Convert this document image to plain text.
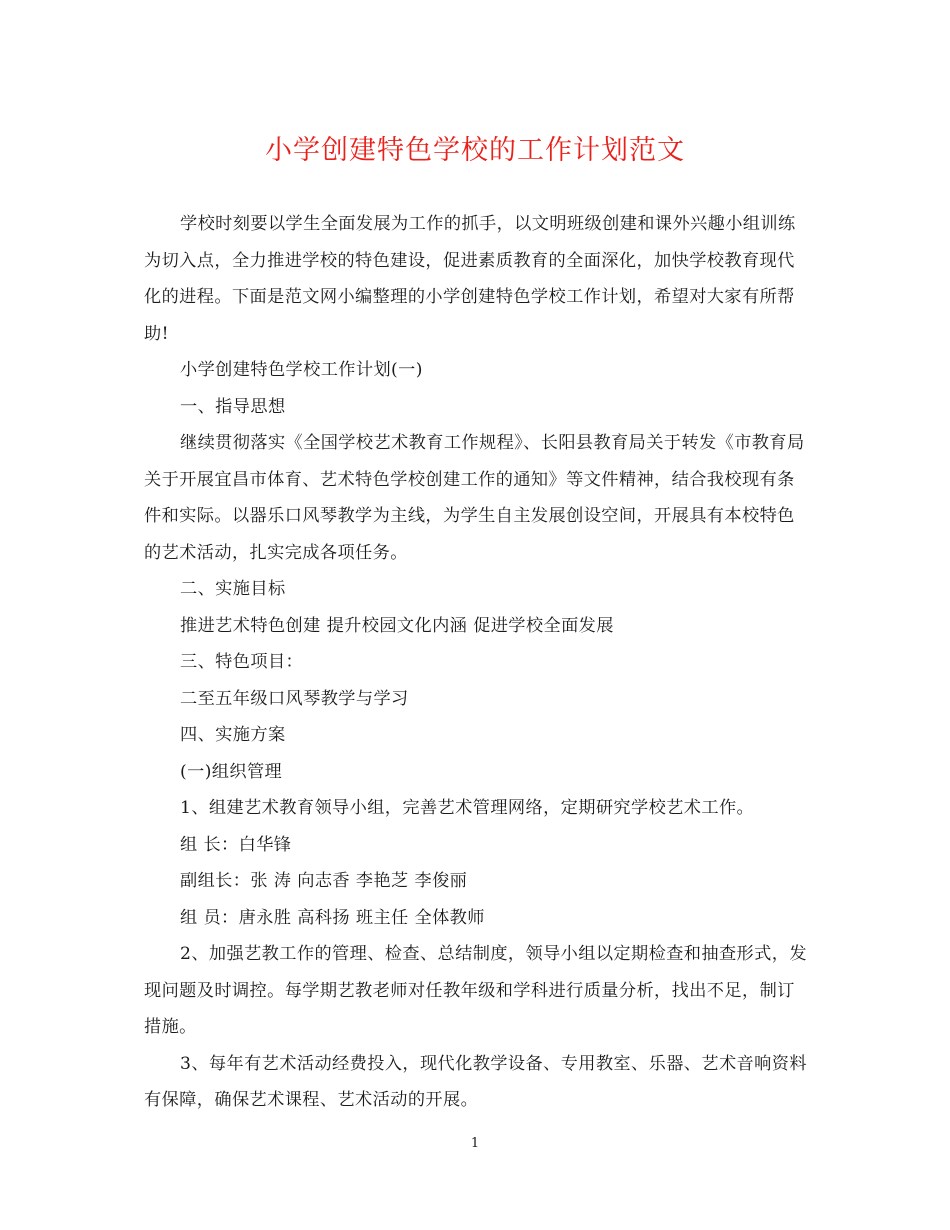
小学创建特色学校的工作计划范文

学校时刻要以学生全面发展为工作的抓手，以文明班级创建和课外兴趣小组训练为切入点，全力推进学校的特色建设，促进素质教育的全面深化，加快学校教育现代化的进程。下面是范文网小编整理的小学创建特色学校工作计划，希望对大家有所帮助!

小学创建特色学校工作计划(一)

一、指导思想

继续贯彻落实《全国学校艺术教育工作规程》、长阳县教育局关于转发《市教育局关于开展宜昌市体育、艺术特色学校创建工作的通知》等文件精神，结合我校现有条件和实际。以器乐口风琴教学为主线，为学生自主发展创设空间，开展具有本校特色的艺术活动，扎实完成各项任务。

二、实施目标

推进艺术特色创建 提升校园文化内涵 促进学校全面发展

三、特色项目：

二至五年级口风琴教学与学习

四、实施方案

(一)组织管理

1、组建艺术教育领导小组，完善艺术管理网络，定期研究学校艺术工作。

组 长：白华锋

副组长：张 涛 向志香 李艳芝 李俊丽

组 员：唐永胜 高科扬 班主任 全体教师

2、加强艺教工作的管理、检查、总结制度，领导小组以定期检查和抽查形式，发现问题及时调控。每学期艺教老师对任教年级和学科进行质量分析，找出不足，制订措施。

3、每年有艺术活动经费投入，现代化教学设备、专用教室、乐器、艺术音响资料有保障，确保艺术课程、艺术活动的开展。

1
